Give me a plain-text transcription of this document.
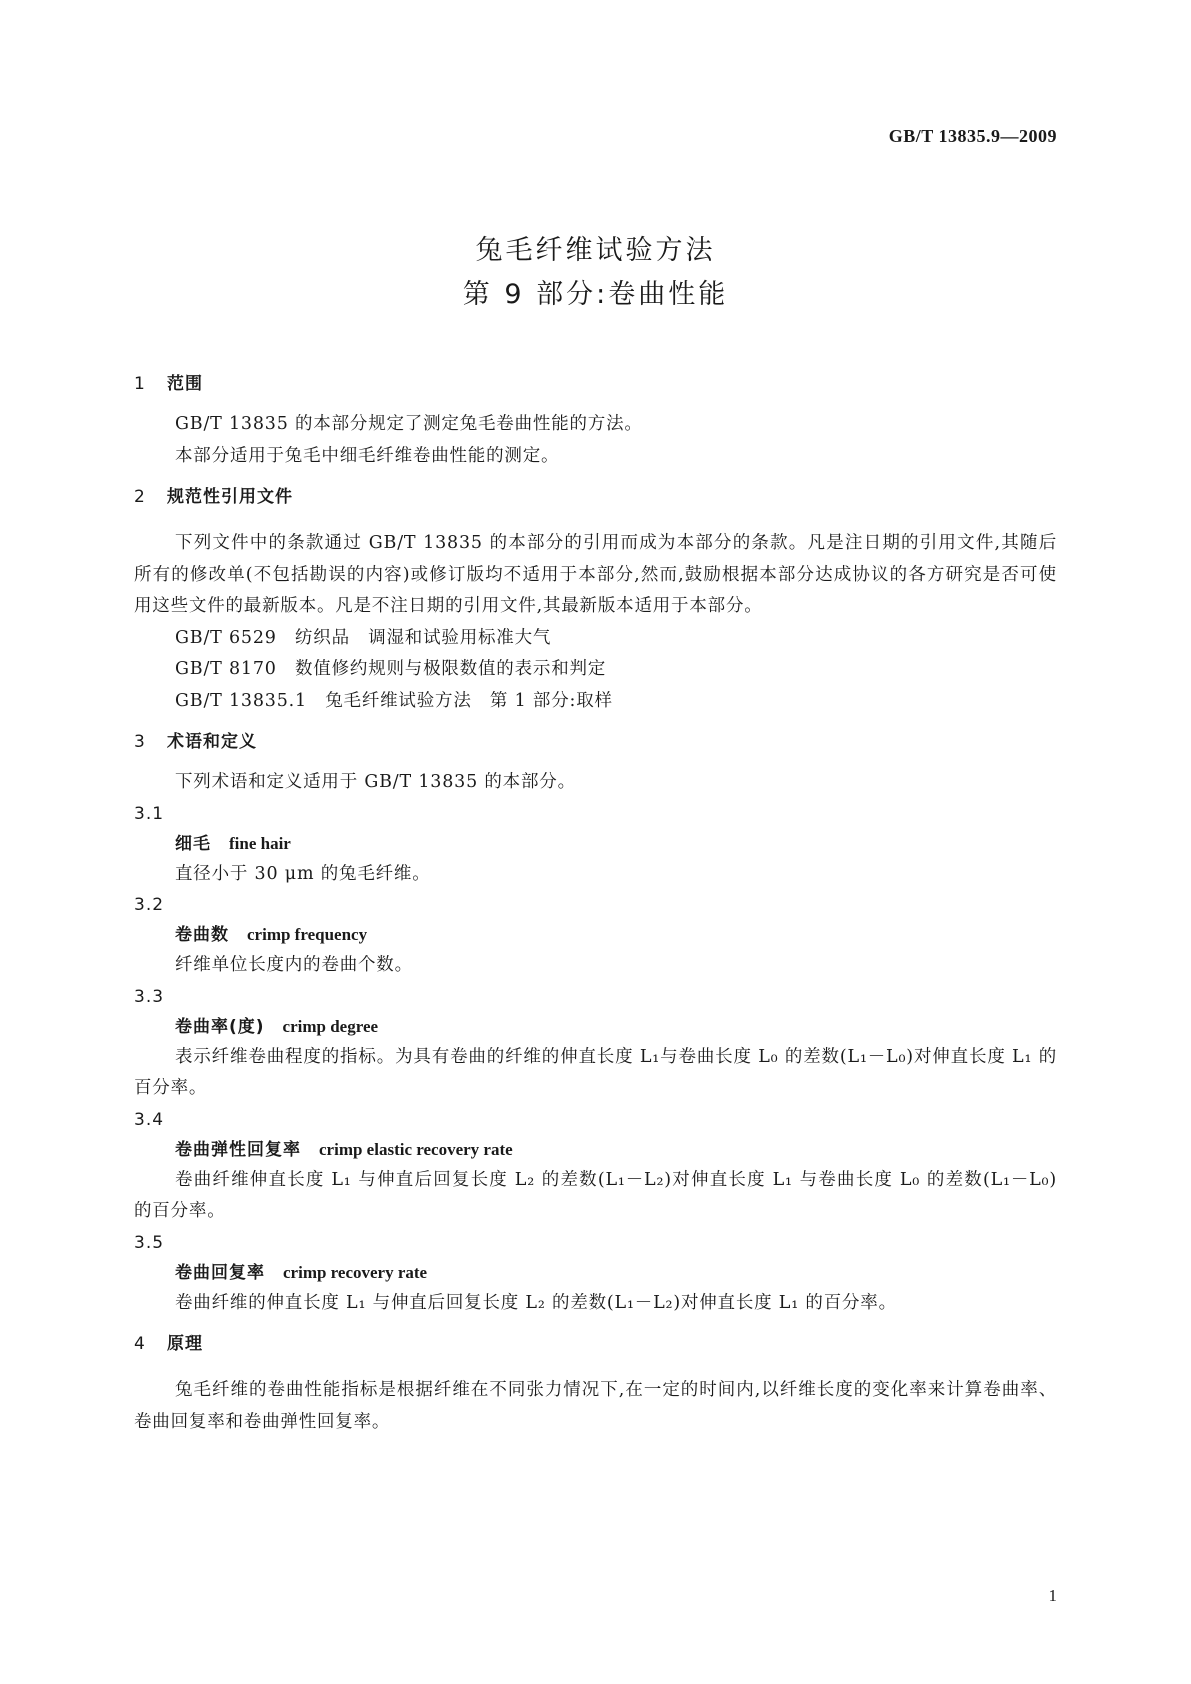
GB/T 13835.9—2009
兔毛纤维试验方法
第 9 部分:卷曲性能
1 范围

GB/T 13835 的本部分规定了测定兔毛卷曲性能的方法。

本部分适用于兔毛中细毛纤维卷曲性能的测定。

2 规范性引用文件

下列文件中的条款通过 GB/T 13835 的本部分的引用而成为本部分的条款。凡是注日期的引用文件,其随后所有的修改单(不包括勘误的内容)或修订版均不适用于本部分,然而,鼓励根据本部分达成协议的各方研究是否可使用这些文件的最新版本。凡是不注日期的引用文件,其最新版本适用于本部分。

GB/T 6529　纺织品　调湿和试验用标准大气

GB/T 8170　数值修约规则与极限数值的表示和判定

GB/T 13835.1　兔毛纤维试验方法　第 1 部分:取样

3 术语和定义

下列术语和定义适用于 GB/T 13835 的本部分。

3.1

细毛 fine hair

直径小于 30 μm 的兔毛纤维。

3.2

卷曲数 crimp frequency

纤维单位长度内的卷曲个数。

3.3

卷曲率(度) crimp degree

表示纤维卷曲程度的指标。为具有卷曲的纤维的伸直长度 L₁与卷曲长度 L₀ 的差数(L₁－L₀)对伸直长度 L₁ 的百分率。

3.4

卷曲弹性回复率 crimp elastic recovery rate

卷曲纤维伸直长度 L₁ 与伸直后回复长度 L₂ 的差数(L₁－L₂)对伸直长度 L₁ 与卷曲长度 L₀ 的差数(L₁－L₀)的百分率。

3.5

卷曲回复率 crimp recovery rate

卷曲纤维的伸直长度 L₁ 与伸直后回复长度 L₂ 的差数(L₁－L₂)对伸直长度 L₁ 的百分率。

4 原理

兔毛纤维的卷曲性能指标是根据纤维在不同张力情况下,在一定的时间内,以纤维长度的变化率来计算卷曲率、卷曲回复率和卷曲弹性回复率。

1
